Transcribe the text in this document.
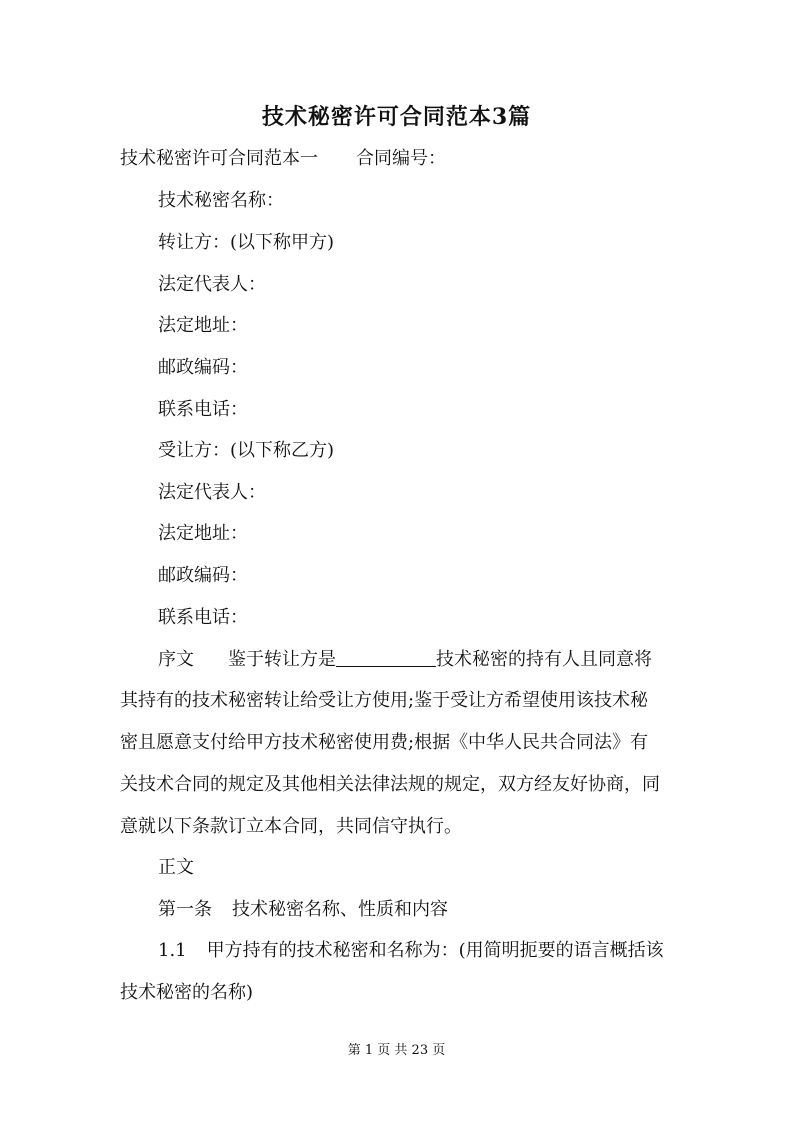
技术秘密许可合同范本3篇
技术秘密许可合同范本一 合同编号：
技术秘密名称：
转让方：(以下称甲方)
法定代表人：
法定地址：
邮政编码：
联系电话：
受让方：(以下称乙方)
法定代表人：
法定地址：
邮政编码：
联系电话：
序文 鉴于转让方是	技术秘密的持有人且同意将
其持有的技术秘密转让给受让方使用;鉴于受让方希望使用该技术秘
密且愿意支付给甲方技术秘密使用费;根据《中华人民共合同法》有
关技术合同的规定及其他相关法律法规的规定，双方经友好协商，同
意就以下条款订立本合同，共同信守执行。
正文
第一条 技术秘密名称、性质和内容
1.1 甲方持有的技术秘密和名称为：(用简明扼要的语言概括该
技术秘密的名称)
第 1 页 共 23 页
